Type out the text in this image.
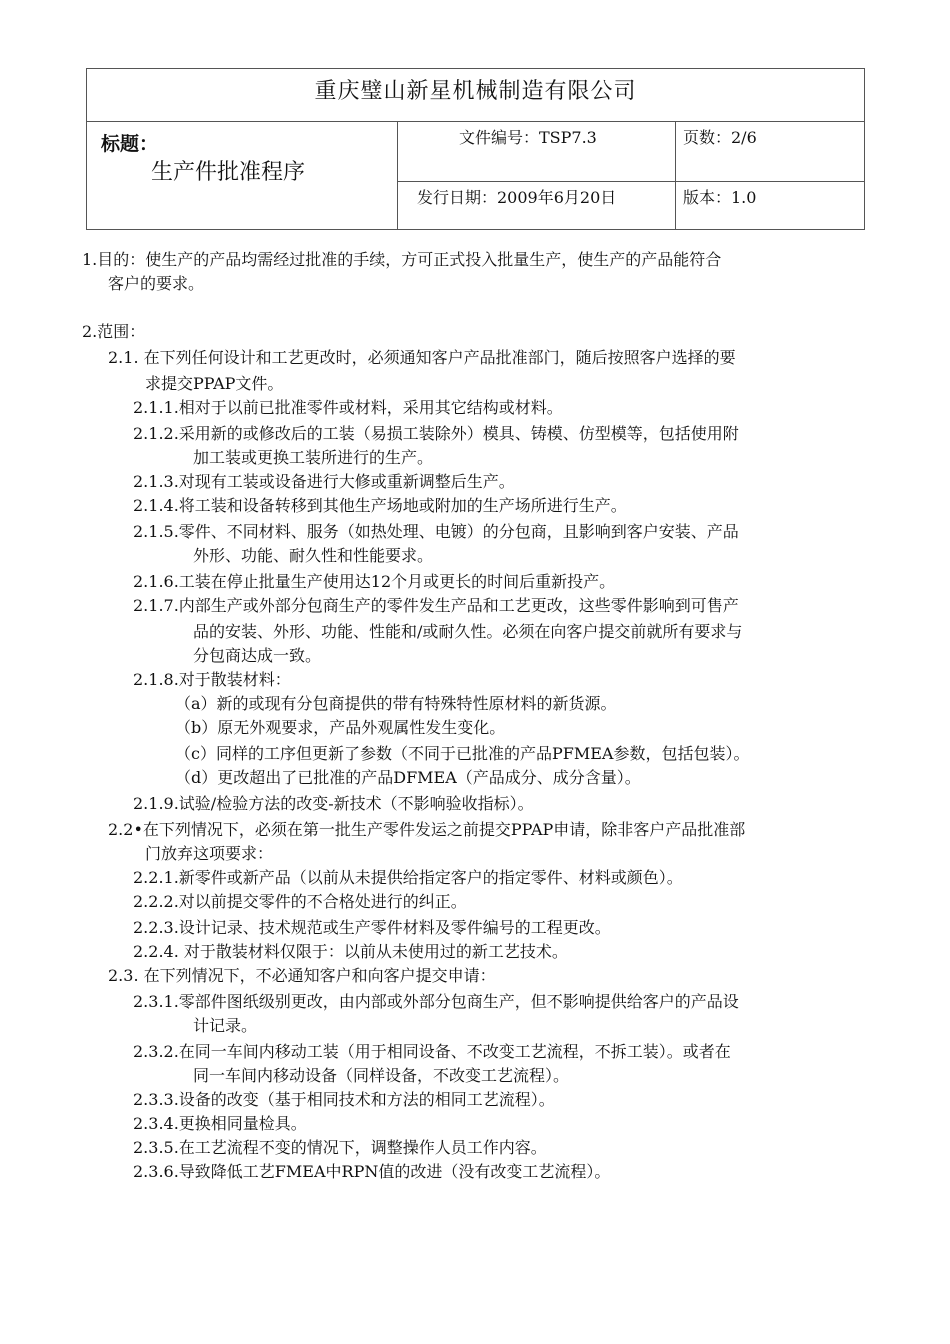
重庆璧山新星机械制造有限公司
标题：
生产件批准程序
文件编号：TSP7.3	页数：2/6
发行日期：2009年6月20日	版本：1.0
1.目的：使生产的产品均需经过批准的手续，方可正式投入批量生产，使生产的产品能符合
客户的要求。
2.范围：
2.1. 在下列任何设计和工艺更改时，必须通知客户产品批准部门，随后按照客户选择的要
求提交PPAP文件。
2.1.1.相对于以前已批准零件或材料，采用其它结构或材料。
2.1.2.采用新的或修改后的工装（易损工装除外）模具、铸模、仿型模等，包括使用附
加工装或更换工装所进行的生产。
2.1.3.对现有工装或设备进行大修或重新调整后生产。
2.1.4.将工装和设备转移到其他生产场地或附加的生产场所进行生产。
2.1.5.零件、不同材料、服务（如热处理、电镀）的分包商，且影响到客户安装、产品
外形、功能、耐久性和性能要求。
2.1.6.工装在停止批量生产使用达12个月或更长的时间后重新投产。
2.1.7.内部生产或外部分包商生产的零件发生产品和工艺更改，这些零件影响到可售产
品的安装、外形、功能、性能和/或耐久性。必须在向客户提交前就所有要求与
分包商达成一致。
2.1.8.对于散装材料：
（a）新的或现有分包商提供的带有特殊特性原材料的新货源。
（b）原无外观要求，产品外观属性发生变化。
（c）同样的工序但更新了参数（不同于已批准的产品PFMEA参数，包括包装）。
（d）更改超出了已批准的产品DFMEA（产品成分、成分含量）。
2.1.9.试验/检验方法的改变-新技术（不影响验收指标）。
2.2•在下列情况下，必须在第一批生产零件发运之前提交PPAP申请，除非客户产品批准部
门放弃这项要求：
2.2.1.新零件或新产品（以前从未提供给指定客户的指定零件、材料或颜色）。
2.2.2.对以前提交零件的不合格处进行的纠正。
2.2.3.设计记录、技术规范或生产零件材料及零件编号的工程更改。
2.2.4. 对于散装材料仅限于：以前从未使用过的新工艺技术。
2.3. 在下列情况下，不必通知客户和向客户提交申请：
2.3.1.零部件图纸级别更改，由内部或外部分包商生产，但不影响提供给客户的产品设
计记录。
2.3.2.在同一车间内移动工装（用于相同设备、不改变工艺流程，不拆工装）。或者在
同一车间内移动设备（同样设备，不改变工艺流程）。
2.3.3.设备的改变（基于相同技术和方法的相同工艺流程）。
2.3.4.更换相同量检具。
2.3.5.在工艺流程不变的情况下，调整操作人员工作内容。
2.3.6.导致降低工艺FMEA中RPN值的改进（没有改变工艺流程）。
